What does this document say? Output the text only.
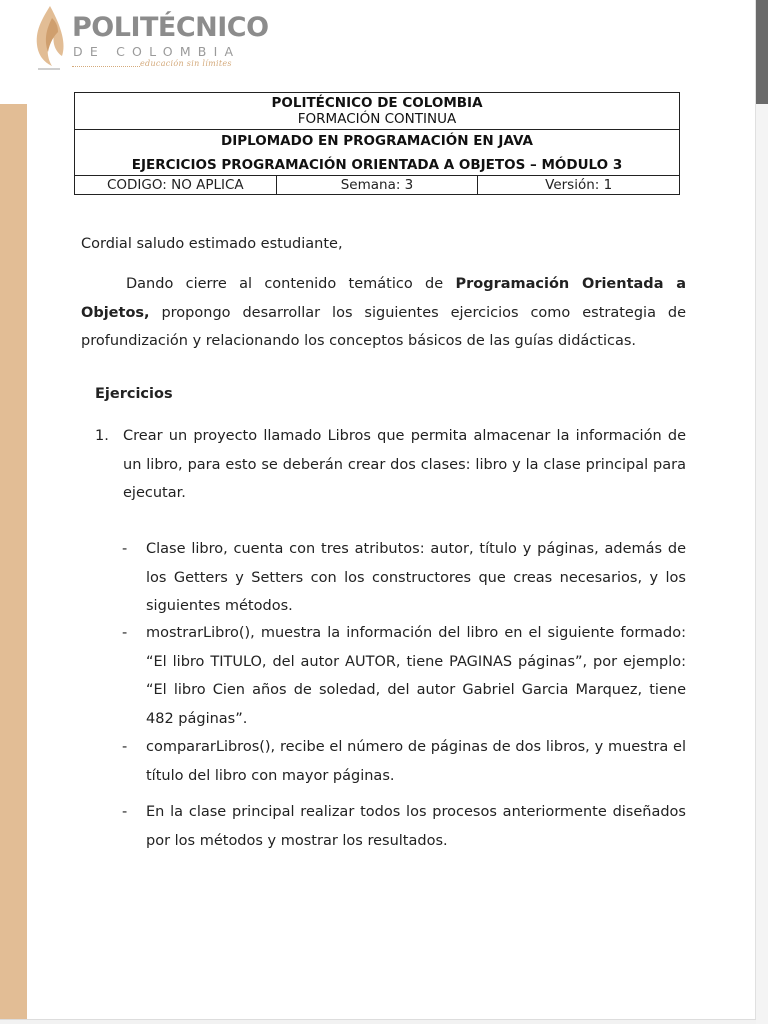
POLITÉCNICO
DE COLOMBIA
educación sin límites
POLITÉCNICO DE COLOMBIA
FORMACIÓN CONTINUA
DIPLOMADO EN PROGRAMACIÓN EN JAVA
EJERCICIOS PROGRAMACIÓN ORIENTADA A OBJETOS – MÓDULO 3
CODIGO: NO APLICA	Semana: 3	Versión: 1
Cordial saludo estimado estudiante,
Dando cierre al contenido temático de Programación Orientada a Objetos, propongo desarrollar los siguientes ejercicios como estrategia de profundización y relacionando los conceptos básicos de las guías didácticas.
Ejercicios
1. Crear un proyecto llamado Libros que permita almacenar la información de un libro, para esto se deberán crear dos clases: libro y la clase principal para ejecutar.
- Clase libro, cuenta con tres atributos: autor, título y páginas, además de los Getters y Setters con los constructores que creas necesarios, y los siguientes métodos.
- mostrarLibro(), muestra la información del libro en el siguiente formado: “El libro TITULO, del autor AUTOR, tiene PAGINAS páginas”, por ejemplo: “El libro Cien años de soledad, del autor Gabriel Garcia Marquez, tiene 482 páginas”.
- compararLibros(), recibe el número de páginas de dos libros, y muestra el título del libro con mayor páginas.
- En la clase principal realizar todos los procesos anteriormente diseñados por los métodos y mostrar los resultados.
